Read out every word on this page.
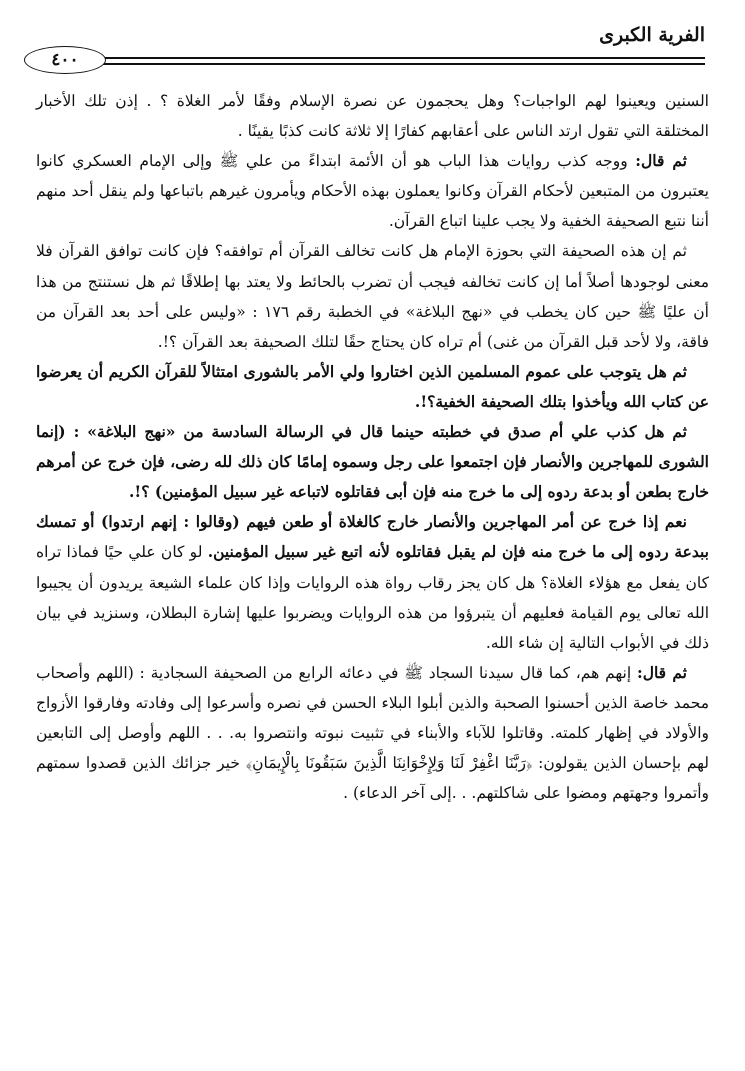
الفرية الكبرى
٤٠٠

السنين ويعينوا لهم الواجبات؟ وهل يحجمون عن نصرة الإسلام وفقًا لأمر الغلاة ؟ . إذن تلك الأخبار المختلقة التي تقول ارتد الناس على أعقابهم كفارًا إلا ثلاثة كانت كذبًا يقينًا .

ثم قال: ووجه كذب روايات هذا الباب هو أن الأئمة ابتداءً من علي ﷺ وإلى الإمام العسكري كانوا يعتبرون من المتبعين لأحكام القرآن وكانوا يعملون بهذه الأحكام ويأمرون غيرهم باتباعها ولم ينقل أحد منهم أننا نتبع الصحيفة الخفية ولا يجب علينا اتباع القرآن.

ثم إن هذه الصحيفة التي بحوزة الإمام هل كانت تخالف القرآن أم توافقه؟ فإن كانت توافق القرآن فلا معنى لوجودها أصلاً أما إن كانت تخالفه فيجب أن تضرب بالحائط ولا يعتد بها إطلاقًا ثم هل نستنتج من هذا أن عليًا ﷺ حين كان يخطب في «نهج البلاغة» في الخطبة رقم ١٧٦ : «وليس على أحد بعد القرآن من فاقة، ولا لأحد قبل القرآن من غنى) أم تراه كان يحتاج حقًا لتلك الصحيفة بعد القرآن ؟!.

ثم هل يتوجب على عموم المسلمين الذين اختاروا ولي الأمر بالشورى امتثالاً للقرآن الكريم أن يعرضوا عن كتاب الله ويأخذوا بتلك الصحيفة الخفية؟!.

ثم هل كذب علي أم صدق في خطبته حينما قال في الرسالة السادسة من «نهج البلاغة» : (إنما الشورى للمهاجرين والأنصار فإن اجتمعوا على رجل وسموه إمامًا كان ذلك لله رضى، فإن خرج عن أمرهم خارج بطعن أو بدعة ردوه إلى ما خرج منه فإن أبى فقاتلوه لاتباعه غير سبيل المؤمنين) ؟!.

نعم إذا خرج عن أمر المهاجرين والأنصار خارج كالغلاة أو طعن فيهم (وقالوا : إنهم ارتدوا) أو تمسك ببدعة ردوه إلى ما خرج منه فإن لم يقبل فقاتلوه لأنه اتبع غير سبيل المؤمنين. لو كان علي حيًا فماذا تراه كان يفعل مع هؤلاء الغلاة؟ هل كان يجز رقاب رواة هذه الروايات وإذا كان علماء الشيعة يريدون أن يجيبوا الله تعالى يوم القيامة فعليهم أن يتبرؤوا من هذه الروايات ويضربوا عليها إشارة البطلان، وسنزيد في بيان ذلك في الأبواب التالية إن شاء الله.

ثم قال: إنهم هم، كما قال سيدنا السجاد ﷺ في دعائه الرابع من الصحيفة السجادية : (اللهم وأصحاب محمد خاصة الذين أحسنوا الصحبة والذين أبلوا البلاء الحسن في نصره وأسرعوا إلى وفادته وفارقوا الأزواج والأولاد في إظهار كلمته. وقاتلوا للآباء والأبناء في تثبيت نبوته وانتصروا به. . . اللهم وأوصل إلى التابعين لهم بإحسان الذين يقولون: ﴿رَبَّنَا اغْفِرْ لَنَا وَلِإِخْوَانِنَا الَّذِينَ سَبَقُونَا بِالْإِيمَانِ﴾ خير جزائك الذين قصدوا سمتهم وأتمروا وجهتهم ومضوا على شاكلتهم. . .إلى آخر الدعاء) .
